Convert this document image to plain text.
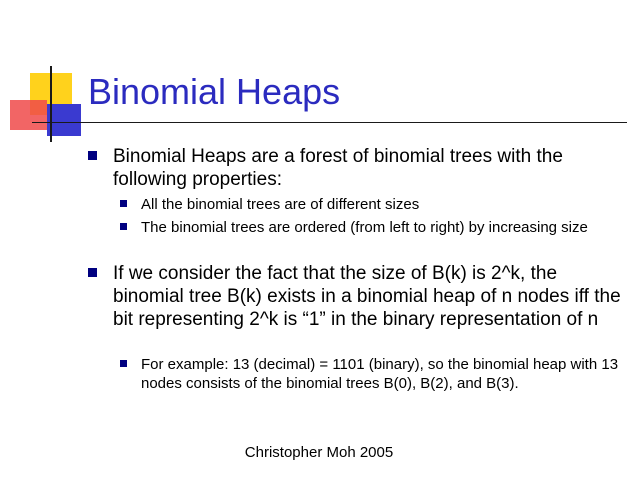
Binomial Heaps
Binomial Heaps are a forest of binomial trees with the following properties:
All the binomial trees are of different sizes
The binomial trees are ordered (from left to right) by increasing size
If we consider the fact that the size of B(k) is 2^k, the binomial tree B(k) exists in a binomial heap of n nodes iff the bit representing 2^k is “1” in the binary representation of n
For example: 13 (decimal) = 1101 (binary), so the binomial heap with 13 nodes consists of the binomial trees B(0), B(2), and B(3).
Christopher Moh 2005
